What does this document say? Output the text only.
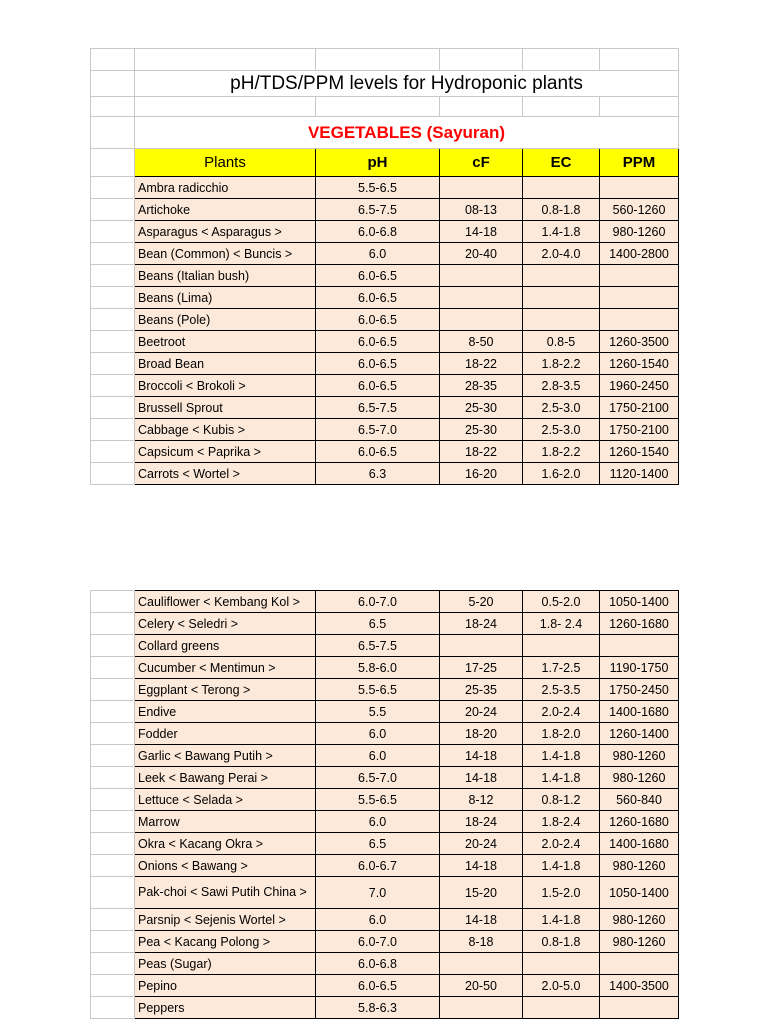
	pH/TDS/PPM levels for Hydroponic plants				

	VEGETABLES (Sayuran)				
	Plants	pH	cF	EC	PPM
	Ambra radicchio	5.5-6.5			
	Artichoke	6.5-7.5	08-13	0.8-1.8	560-1260
	Asparagus < Asparagus >	6.0-6.8	14-18	1.4-1.8	980-1260
	Bean (Common) < Buncis >	6.0	20-40	2.0-4.0	1400-2800
	Beans (Italian bush)	6.0-6.5			
	Beans (Lima)	6.0-6.5			
	Beans (Pole)	6.0-6.5			
	Beetroot	6.0-6.5	8-50	0.8-5	1260-3500
	Broad Bean	6.0-6.5	18-22	1.8-2.2	1260-1540
	Broccoli < Brokoli >	6.0-6.5	28-35	2.8-3.5	1960-2450
	Brussell Sprout	6.5-7.5	25-30	2.5-3.0	1750-2100
	Cabbage < Kubis >	6.5-7.0	25-30	2.5-3.0	1750-2100
	Capsicum < Paprika >	6.0-6.5	18-22	1.8-2.2	1260-1540
	Carrots < Wortel >	6.3	16-20	1.6-2.0	1120-1400
	Cauliflower < Kembang Kol >	6.0-7.0	5-20	0.5-2.0	1050-1400
	Celery < Seledri >	6.5	18-24	1.8- 2.4	1260-1680
	Collard greens	6.5-7.5			
	Cucumber < Mentimun >	5.8-6.0	17-25	1.7-2.5	1190-1750
	Eggplant < Terong >	5.5-6.5	25-35	2.5-3.5	1750-2450
	Endive	5.5	20-24	2.0-2.4	1400-1680
	Fodder	6.0	18-20	1.8-2.0	1260-1400
	Garlic < Bawang Putih >	6.0	14-18	1.4-1.8	980-1260
	Leek < Bawang Perai >	6.5-7.0	14-18	1.4-1.8	980-1260
	Lettuce < Selada >	5.5-6.5	8-12	0.8-1.2	560-840
	Marrow	6.0	18-24	1.8-2.4	1260-1680
	Okra < Kacang Okra >	6.5	20-24	2.0-2.4	1400-1680
	Onions < Bawang >	6.0-6.7	14-18	1.4-1.8	980-1260
	Pak-choi < Sawi Putih China >	7.0	15-20	1.5-2.0	1050-1400
	Parsnip < Sejenis Wortel >	6.0	14-18	1.4-1.8	980-1260
	Pea < Kacang Polong >	6.0-7.0	8-18	0.8-1.8	980-1260
	Peas (Sugar)	6.0-6.8			
	Pepino	6.0-6.5	20-50	2.0-5.0	1400-3500
	Peppers	5.8-6.3			
